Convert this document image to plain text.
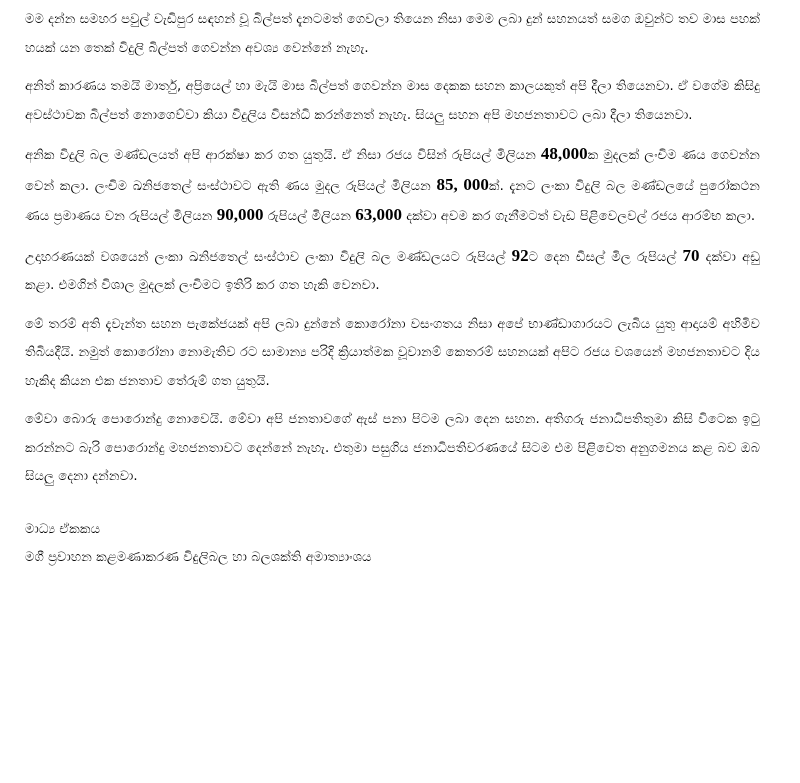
මම දන්න සමහර පවුල් වැඩිපුර සඳහන් වූ බිල්පත් දැනටමත් ගෙවලා තියෙන නිසා මෙම ලබා දුන් සහනයත් සමග ඔවුන්ට තව මාස පහක් හයක් යන තෙක් විදුලි බිල්පත් ගෙවන්න අවශ්‍ය වෙන්නේ නැහැ.

අනිත් කාරණය තමයි මාර්තු, අප්‍රියෙල් හා මැයි මාස බිල්පත් ගෙවන්න මාස දෙකක සහන කාලයකුත් අපි දීලා තියෙනවා. ඒ වගේම කිසිදු අවස්ථාවක බිල්පත් නොගෙව්වා කියා විදුලිය විසන්ධි කරන්නෙත් නැහැ. සියලු සහන අපි මහජනතාවට ලබා දීලා තියෙනවා.

අනික විදුලි බල මණ්ඩලයත් අපි ආරක්ෂා කර ගත යුතුයි. ඒ නිසා රජය විසින් රුපියල් මිලියන 48,000ක මුදලක් ලංචිම ණය ගෙවන්න වෙන් කලා. ලංචිම ඛනිජතෙල් සංස්ථාවට ඇති ණය මුදල රුපියල් මිලියන 85, 000ක්. දැනට ලංකා විදුලි බල මණ්ඩලයේ පුරෝකථන ණය ප්‍රමාණය වන රුපියල් මිලියන 90,000 රුපියල් මිලියන 63,000 දක්වා අවම කර ගැනීමටත් වැඩ පිළිවෙලවල් රජය ආරම්භ කලා.

උදාහරණයක් වශයෙන් ලංකා ඛනිජතෙල් සංස්ථාව ලංකා විදුලි බල මණ්ඩලයට රුපියල් 92ට දෙන ඩීසල් මිල රුපියල් 70 දක්වා අඩු කළා. එමගින් විශාල මුදලක් ලංචිමට ඉතිරි කර ගත හැකි වෙනවා.

මේ තරම් අති දැවැන්ත සහන පැකේජයක් අපි ලබා දුන්නේ කොරෝනා වසංගතය නිසා අපේ භාණ්ඩාගාරයට ලැබිය යුතු ආදායම් අහිමිව තිබියදීයි. නමුත් කොරෝනා නොමැතිව රට සාමාන්‍ය පරිදි ක්‍රියාත්මක වූවානම් කෙතරම් සහනයක් අපිට රජය වශයෙන් මහජනතාවට දිය හැකිද කියන එක ජනතාව තේරුම් ගත යුතුයි.

මේවා බොරු පොරොන්දු නොවෙයි. මේවා අපි ජනතාවගේ ඇස් පනා පිටම ලබා දෙන සහන. අතිගරු ජනාධිපතිතුමා කිසි විටෙක ඉටු කරන්නට බැරි පොරොන්දු මහජනතාවට දෙන්නේ නැහැ. එතුමා පසුගිය ජනාධිපතිවරණයේ සිටම එම පිළිවෙත අනුගමනය කළ බව ඔබ සියලු දෙනා දන්නවා.

මාධ්‍ය ඒකකය
මගී ප්‍රවාහන කළමණාකරණ විදුලිබල හා බලශක්ති අමාත්‍යාංශය
